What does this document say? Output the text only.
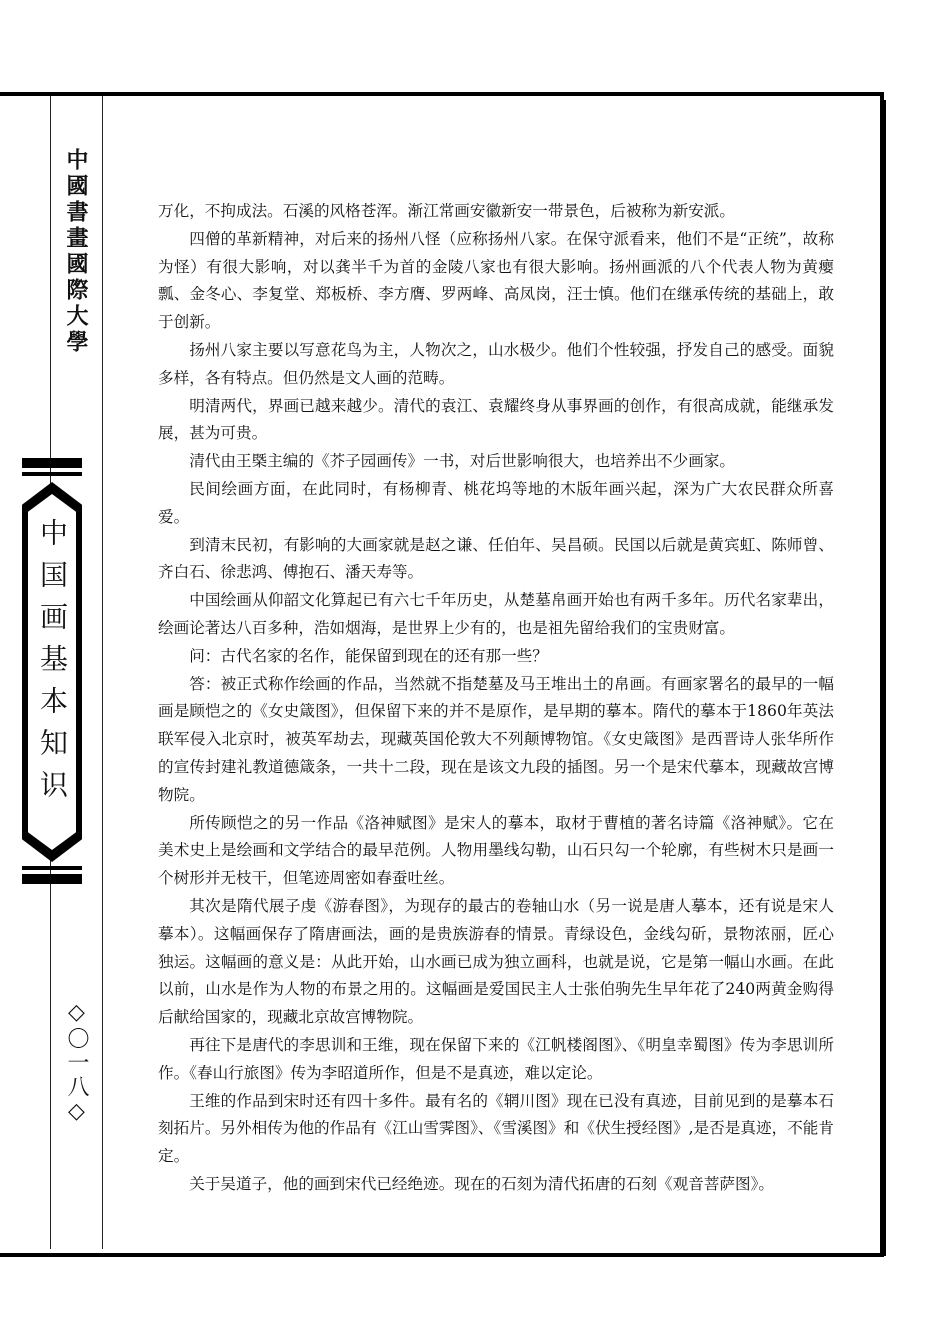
中國書畫國際大學
中国画基本知识
◇〇一八◇

万化，不拘成法。石溪的风格苍浑。渐江常画安徽新安一带景色，后被称为新安派。

四僧的革新精神，对后来的扬州八怪（应称扬州八家。在保守派看来，他们不是“正统”，故称为怪）有很大影响，对以龚半千为首的金陵八家也有很大影响。扬州画派的八个代表人物为黄瘿瓢、金冬心、李复堂、郑板桥、李方膺、罗两峰、高凤岗，汪士慎。他们在继承传统的基础上，敢于创新。

扬州八家主要以写意花鸟为主，人物次之，山水极少。他们个性较强，抒发自己的感受。面貌多样，各有特点。但仍然是文人画的范畴。

明清两代，界画已越来越少。清代的袁江、袁耀终身从事界画的创作，有很高成就，能继承发展，甚为可贵。

清代由王槩主编的《芥子园画传》一书，对后世影响很大，也培养出不少画家。

民间绘画方面，在此同时，有杨柳青、桃花坞等地的木版年画兴起，深为广大农民群众所喜爱。

到清末民初，有影响的大画家就是赵之谦、任伯年、吴昌硕。民国以后就是黄宾虹、陈师曾、齐白石、徐悲鸿、傅抱石、潘天寿等。

中国绘画从仰韶文化算起已有六七千年历史，从楚墓帛画开始也有两千多年。历代名家辈出，绘画论著达八百多种，浩如烟海，是世界上少有的，也是祖先留给我们的宝贵财富。

问：古代名家的名作，能保留到现在的还有那一些？

答：被正式称作绘画的作品，当然就不指楚墓及马王堆出土的帛画。有画家署名的最早的一幅画是顾恺之的《女史箴图》，但保留下来的并不是原作，是早期的摹本。隋代的摹本于1860年英法联军侵入北京时，被英军劫去，现藏英国伦敦大不列颠博物馆。《女史箴图》是西晋诗人张华所作的宣传封建礼教道德箴条，一共十二段，现在是该文九段的插图。另一个是宋代摹本，现藏故宫博物院。

所传顾恺之的另一作品《洛神赋图》是宋人的摹本，取材于曹植的著名诗篇《洛神赋》。它在美术史上是绘画和文学结合的最早范例。人物用墨线勾勒，山石只勾一个轮廓，有些树木只是画一个树形并无枝干，但笔迹周密如春蚕吐丝。

其次是隋代展子虔《游春图》，为现存的最古的卷轴山水（另一说是唐人摹本，还有说是宋人摹本）。这幅画保存了隋唐画法，画的是贵族游春的情景。青绿设色，金线勾斫，景物浓丽，匠心独运。这幅画的意义是：从此开始，山水画已成为独立画科，也就是说，它是第一幅山水画。在此以前，山水是作为人物的布景之用的。这幅画是爱国民主人士张伯驹先生早年花了240两黄金购得后献给国家的，现藏北京故宫博物院。

再往下是唐代的李思训和王维，现在保留下来的《江帆楼阁图》、《明皇幸蜀图》传为李思训所作。《春山行旅图》传为李昭道所作，但是不是真迹，难以定论。

王维的作品到宋时还有四十多件。最有名的《辋川图》现在已没有真迹，目前见到的是摹本石刻拓片。另外相传为他的作品有《江山雪霁图》、《雪溪图》和《伏生授经图》,是否是真迹，不能肯定。

关于吴道子，他的画到宋代已经绝迹。现在的石刻为清代拓唐的石刻《观音菩萨图》。
